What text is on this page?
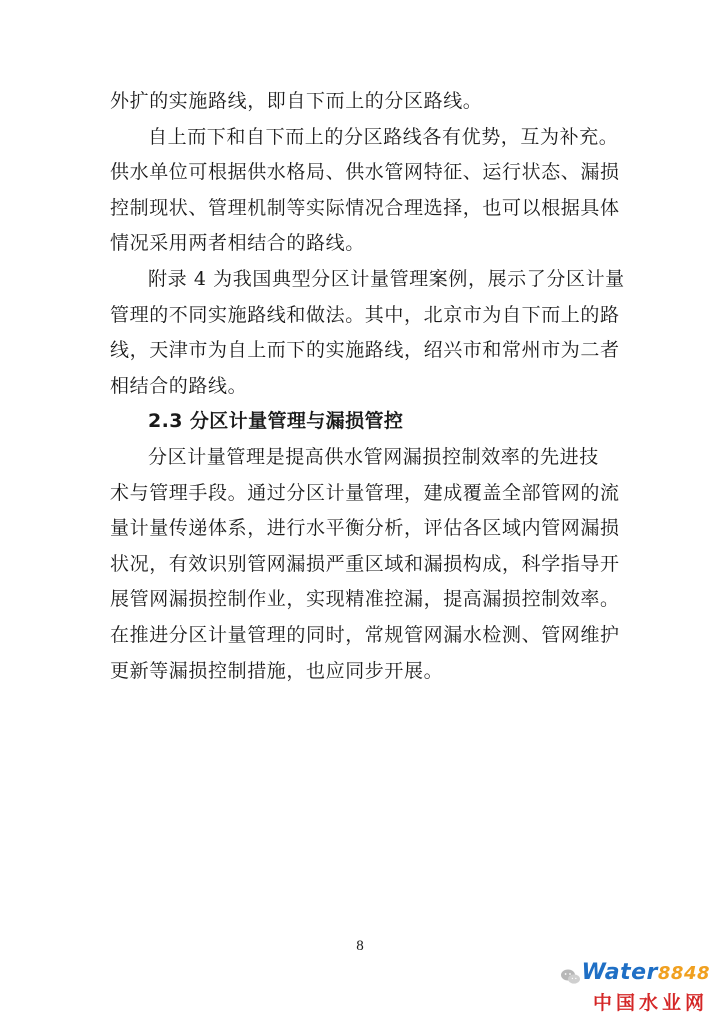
外扩的实施路线，即自下而上的分区路线。

自上而下和自下而上的分区路线各有优势，互为补充。
供水单位可根据供水格局、供水管网特征、运行状态、漏损
控制现状、管理机制等实际情况合理选择，也可以根据具体
情况采用两者相结合的路线。

附录 4 为我国典型分区计量管理案例，展示了分区计量
管理的不同实施路线和做法。其中，北京市为自下而上的路
线，天津市为自上而下的实施路线，绍兴市和常州市为二者
相结合的路线。

2.3 分区计量管理与漏损管控

分区计量管理是提高供水管网漏损控制效率的先进技
术与管理手段。通过分区计量管理，建成覆盖全部管网的流
量计量传递体系，进行水平衡分析，评估各区域内管网漏损
状况，有效识别管网漏损严重区域和漏损构成，科学指导开
展管网漏损控制作业，实现精准控漏，提高漏损控制效率。
在推进分区计量管理的同时，常规管网漏水检测、管网维护
更新等漏损控制措施，也应同步开展。

8
Water8848
中国水业网
